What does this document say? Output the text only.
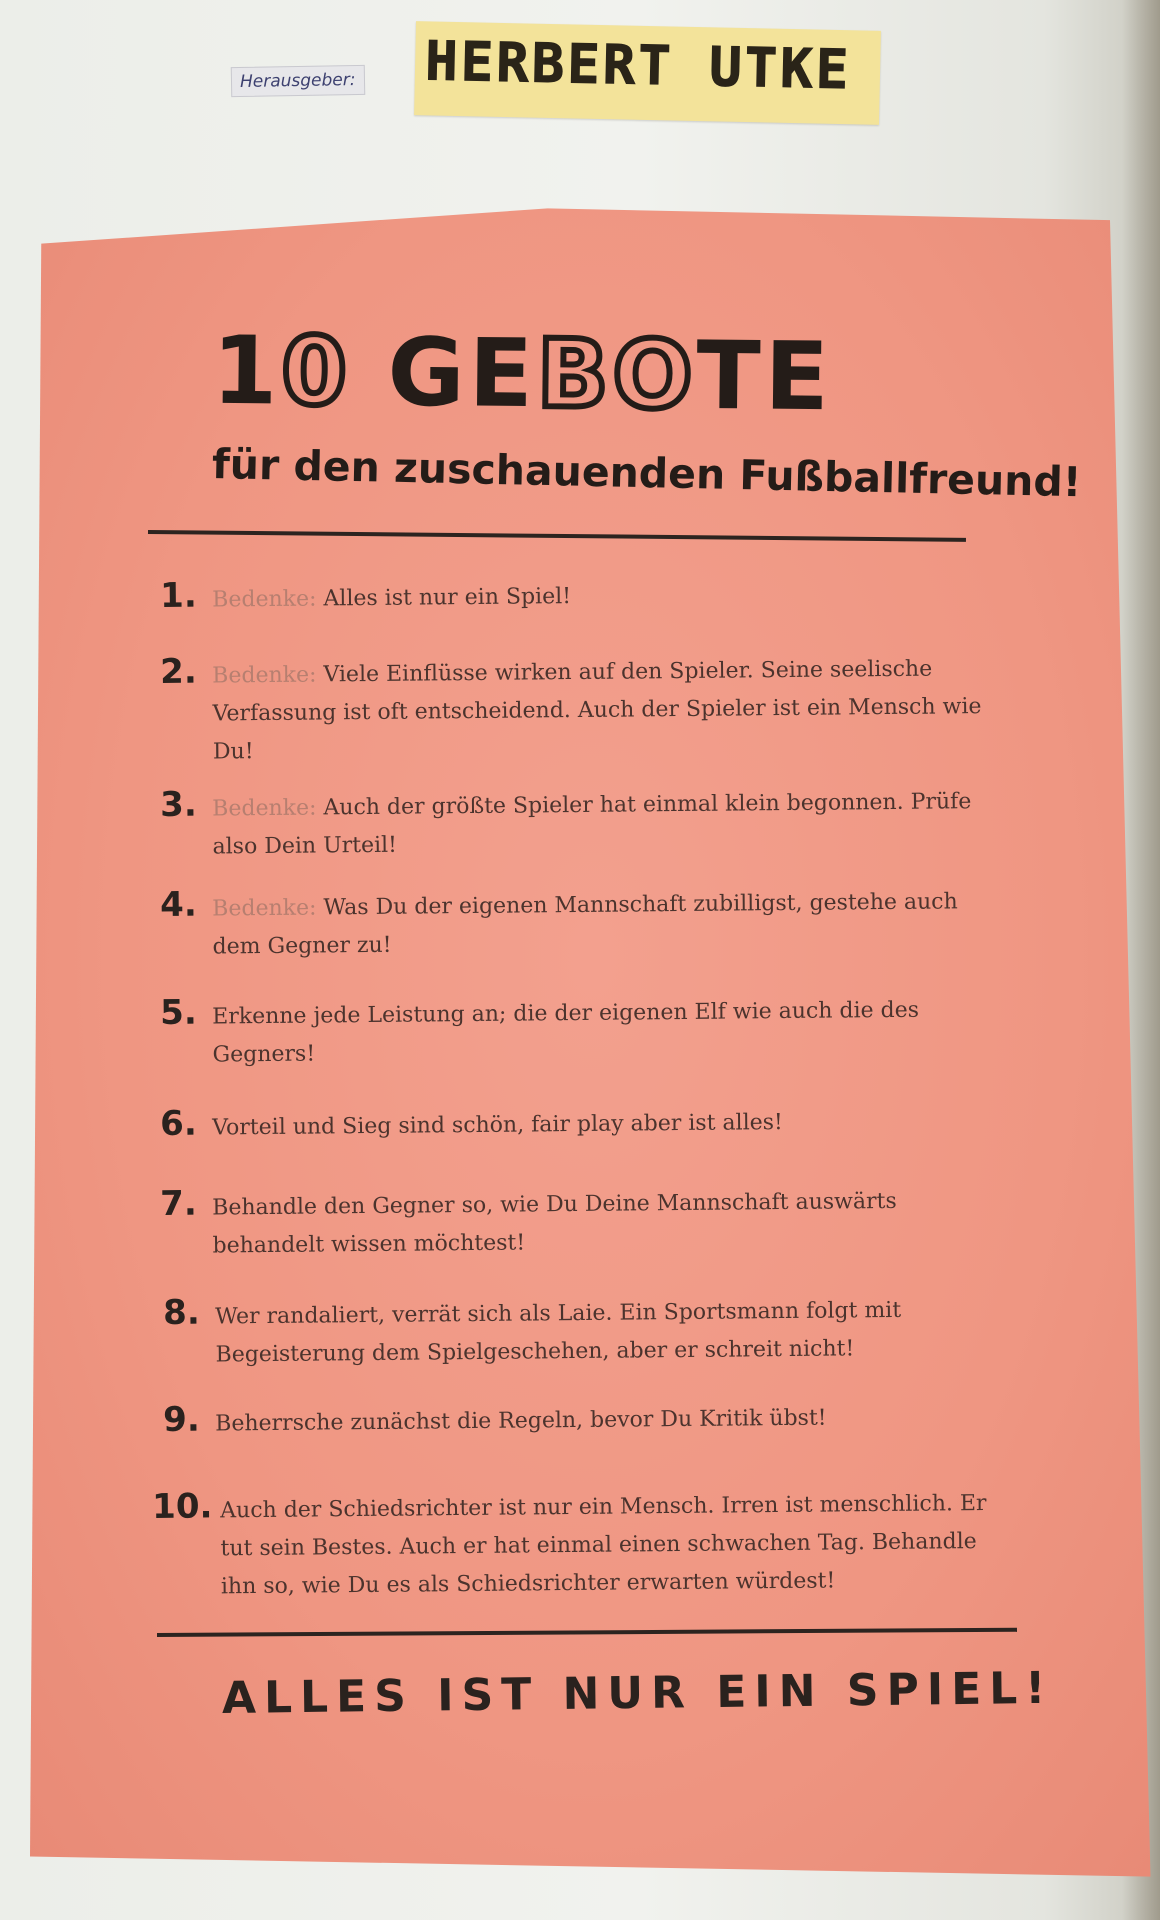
Herausgeber: HERBERT UTKE
10 GEBOTE
für den zuschauenden Fußballfreund!
1. Bedenke: Alles ist nur ein Spiel!
2. Bedenke: Viele Einflüsse wirken auf den Spieler. Seine seelische Verfassung ist oft entscheidend. Auch der Spieler ist ein Mensch wie Du!
3. Bedenke: Auch der größte Spieler hat einmal klein begonnen. Prüfe also Dein Urteil!
4. Bedenke: Was Du der eigenen Mannschaft zubilligst, gestehe auch dem Gegner zu!
5. Erkenne jede Leistung an; die der eigenen Elf wie auch die des Gegners!
6. Vorteil und Sieg sind schön, fair play aber ist alles!
7. Behandle den Gegner so, wie Du Deine Mannschaft auswärts behandelt wissen möchtest!
8. Wer randaliert, verrät sich als Laie. Ein Sportsmann folgt mit Begeisterung dem Spielgeschehen, aber er schreit nicht!
9. Beherrsche zunächst die Regeln, bevor Du Kritik übst!
10. Auch der Schiedsrichter ist nur ein Mensch. Irren ist menschlich. Er tut sein Bestes. Auch er hat einmal einen schwachen Tag. Behandle ihn so, wie Du es als Schiedsrichter erwarten würdest!
ALLES IST NUR EIN SPIEL!
